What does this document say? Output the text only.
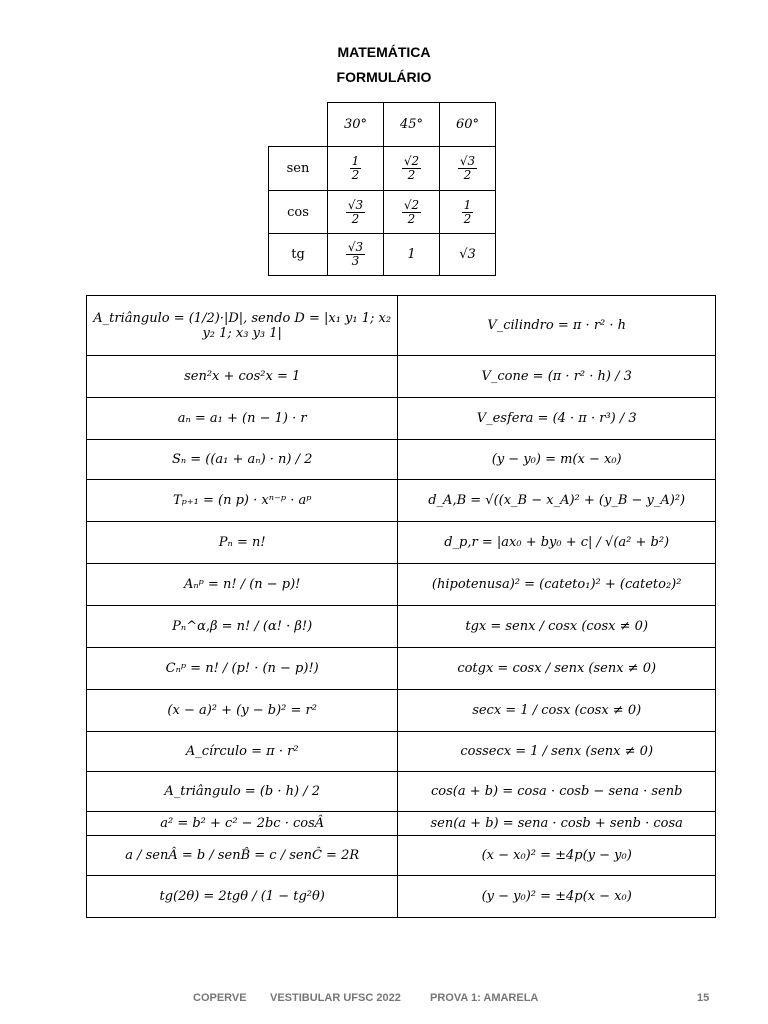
MATEMÁTICA
FORMULÁRIO
	30°	45°	60°
sen	$\frac{1}{2}$	$\frac{√2}{2}$	$\frac{√3}{2}$

cos	$\frac{√3}{2}$	$\frac{√2}{2}$	$\frac{1}{2}$

tg	$\frac{√3}{3}$	1	√3
A_triângulo = (1/2)·|D|, sendo D = |x₁ y₁ 1; x₂ y₂ 1; x₃ y₃ 1|	V_cilindro = π · r² · h
sen²x + cos²x = 1	V_cone = (π · r² · h) / 3
aₙ = a₁ + (n − 1) · r	V_esfera = (4 · π · r³) / 3
Sₙ = ((a₁ + aₙ) · n) / 2	(y − y₀) = m(x − x₀)
Tₚ₊₁ = (n p) · xⁿ⁻ᵖ · aᵖ	d_A,B = √((x_B − x_A)² + (y_B − y_A)²)
Pₙ = n!	d_p,r = |ax₀ + by₀ + c| / √(a² + b²)
Aₙᵖ = n! / (n − p)!	(hipotenusa)² = (cateto₁)² + (cateto₂)²
Pₙ^α,β = n! / (α! · β!)	tgx = senx / cosx (cosx ≠ 0)
Cₙᵖ = n! / (p! · (n − p)!)	cotgx = cosx / senx (senx ≠ 0)
(x − a)² + (y − b)² = r²	secx = 1 / cosx (cosx ≠ 0)
A_círculo = π · r²	cossecx = 1 / senx (senx ≠ 0)
A_triângulo = (b · h) / 2	cos(a + b) = cosa · cosb − sena · senb
a² = b² + c² − 2bc · cosÂ	sen(a + b) = sena · cosb + senb · cosa
a / senÂ = b / senB̂ = c / senĈ = 2R	(x − x₀)² = ±4p(y − y₀)
tg(2θ) = 2tgθ / (1 − tg²θ)	(y − y₀)² = ±4p(x − x₀)
COPERVE VESTIBULAR UFSC 2022	PROVA 1: AMARELA	15
